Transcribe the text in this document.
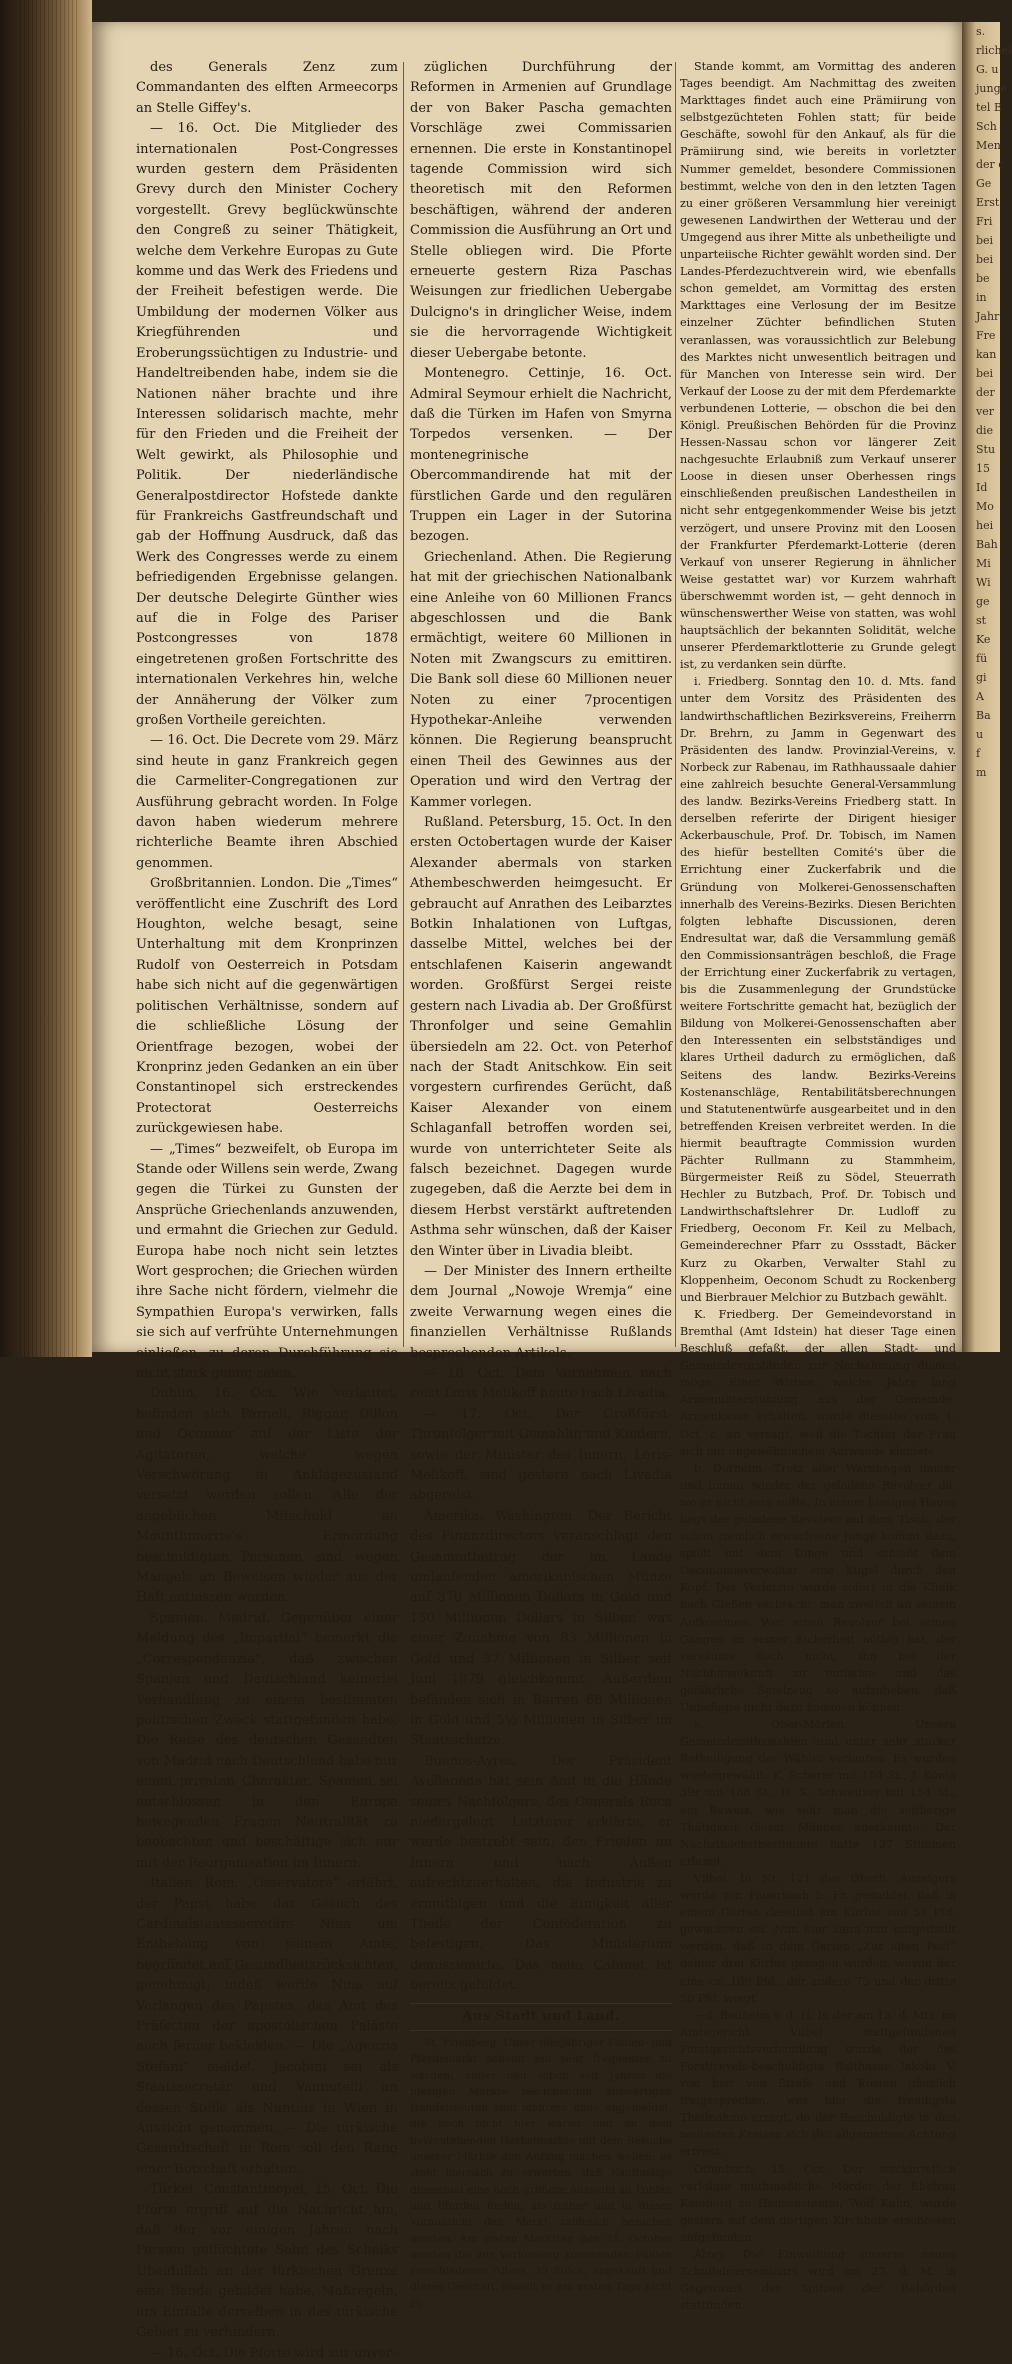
des Generals Zenz zum Commandanten des elften Armeecorps an Stelle Giffey's.

— 16. Oct. Die Mitglieder des internationalen Post-Congresses wurden gestern dem Präsidenten Grevy durch den Minister Cochery vorgestellt. Grevy beglückwünschte den Congreß zu seiner Thätigkeit, welche dem Verkehre Europas zu Gute komme und das Werk des Friedens und der Freiheit befestigen werde. Die Umbildung der modernen Völker aus Kriegführenden und Eroberungssüchtigen zu Industrie- und Handeltreibenden habe, indem sie die Nationen näher brachte und ihre Interessen solidarisch machte, mehr für den Frieden und die Freiheit der Welt gewirkt, als Philosophie und Politik. Der niederländische Generalpostdirector Hofstede dankte für Frankreichs Gastfreundschaft und gab der Hoffnung Ausdruck, daß das Werk des Congresses werde zu einem befriedigenden Ergebnisse gelangen. Der deutsche Delegirte Günther wies auf die in Folge des Pariser Postcongresses von 1878 eingetretenen großen Fortschritte des internationalen Verkehres hin, welche der Annäherung der Völker zum großen Vortheile gereichten.

— 16. Oct. Die Decrete vom 29. März sind heute in ganz Frankreich gegen die Carmeliter-Congregationen zur Ausführung gebracht worden. In Folge davon haben wiederum mehrere richterliche Beamte ihren Abschied genommen.

Großbritannien. London. Die „Times“ veröffentlicht eine Zuschrift des Lord Houghton, welche besagt, seine Unterhaltung mit dem Kronprinzen Rudolf von Oesterreich in Potsdam habe sich nicht auf die gegenwärtigen politischen Verhältnisse, sondern auf die schließliche Lösung der Orientfrage bezogen, wobei der Kronprinz jeden Gedanken an ein über Constantinopel sich erstreckendes Protectorat Oesterreichs zurückgewiesen habe.

— „Times“ bezweifelt, ob Europa im Stande oder Willens sein werde, Zwang gegen die Türkei zu Gunsten der Ansprüche Griechenlands anzuwenden, und ermahnt die Griechen zur Geduld. Europa habe noch nicht sein letztes Wort gesprochen; die Griechen würden ihre Sache nicht fördern, vielmehr die Sympathien Europa's verwirken, falls sie sich auf verfrühte Unternehmungen einließen, zu deren Durchführung sie nicht stark genug seien.

Dublin, 16. Oct. Wie verlautet, befinden sich Parnell, Biggar, Dillon und Oconnor auf der Liste der Agitatoren, welche wegen Verschwörung in Anklagezustand versetzt werden sollen. Alle der angeblichen Mitschuld an Mounthmorrie's Ermordung beschuldigten Personen sind wegen Mangels an Beweisen wieder aus der Haft entlassen worden.

Spanien. Madrid. Gegenüber einer Meldung des „Impartial“ bemerkt die „Correspondenzia“, daß zwischen Spanien und Deutschland keinerlei Verhandlung zu einem bestimmten politischen Zweck stattgefunden habe. Die Reise des deutschen Gesandten von Madrid nach Deutschland habe nur einen privaten Charakter. Spanien sei entschlossen in den Europa bewegenden Fragen Neutralität zu beobachten und beschäftige sich nur mit der Reorganisation im Innern.

Italien. Rom. „Osservatore“ erfährt, der Papst habe das Gesuch des Cardinalstaatssecretärs Nina um Enthebung von seinem Amte, begründet auf Gesundheitsrücksichten, genehmigt; indeß werde Nina auf Verlangen des Papstes, das Amt des Präfecten der apostolischen Paläste auch ferner bekleiden. — Die „Agenzia Stefani“ meldet, Jacobini sei als Staatssecretär und Vannutelli an dessen Stelle als Nuntius in Wien in Aussicht genommen. — Die türkische Gesandtschaft in Rom soll den Rang einer Botschaft erhalten.

Türkei. Constantinopel, 15. Oct. Die Pforte ergriff auf die Nachricht hin, daß der vor einigen Jahren nach Persien geflüchtete Sohn des Scheiks Ubeidullah an der türkischen Grenze eine Bande gebildet habe, Maßregeln, um Einfälle derselben in das türkische Gebiet zu verhindern.

— 16. Oct. Die Pforte wird zur unver-

züglichen Durchführung der Reformen in Armenien auf Grundlage der von Baker Pascha gemachten Vorschläge zwei Commissarien ernennen. Die erste in Konstantinopel tagende Commission wird sich theoretisch mit den Reformen beschäftigen, während der anderen Commission die Ausführung an Ort und Stelle obliegen wird. Die Pforte erneuerte gestern Riza Paschas Weisungen zur friedlichen Uebergabe Dulcigno's in dringlicher Weise, indem sie die hervorragende Wichtigkeit dieser Uebergabe betonte.

Montenegro. Cettinje, 16. Oct. Admiral Seymour erhielt die Nachricht, daß die Türken im Hafen von Smyrna Torpedos versenken. — Der montenegrinische Obercommandirende hat mit der fürstlichen Garde und den regulären Truppen ein Lager in der Sutorina bezogen.

Griechenland. Athen. Die Regierung hat mit der griechischen Nationalbank eine Anleihe von 60 Millionen Francs abgeschlossen und die Bank ermächtigt, weitere 60 Millionen in Noten mit Zwangscurs zu emittiren. Die Bank soll diese 60 Millionen neuer Noten zu einer 7procentigen Hypothekar-Anleihe verwenden können. Die Regierung beansprucht einen Theil des Gewinnes aus der Operation und wird den Vertrag der Kammer vorlegen.

Rußland. Petersburg, 15. Oct. In den ersten Octobertagen wurde der Kaiser Alexander abermals von starken Athembeschwerden heimgesucht. Er gebraucht auf Anrathen des Leibarztes Botkin Inhalationen von Luftgas, dasselbe Mittel, welches bei der entschlafenen Kaiserin angewandt worden. Großfürst Sergei reiste gestern nach Livadia ab. Der Großfürst Thronfolger und seine Gemahlin übersiedeln am 22. Oct. von Peterhof nach der Stadt Anitschkow. Ein seit vorgestern curfirendes Gerücht, daß Kaiser Alexander von einem Schlaganfall betroffen worden sei, wurde von unterrichteter Seite als falsch bezeichnet. Dagegen wurde zugegeben, daß die Aerzte bei dem in diesem Herbst verstärkt auftretenden Asthma sehr wünschen, daß der Kaiser den Winter über in Livadia bleibt.

— Der Minister des Innern ertheilte dem Journal „Nowoje Wremja“ eine zweite Verwarnung wegen eines die finanziellen Verhältnisse Rußlands besprechenden Artikels.

— 16. Oct. Dem Vernehmen nach reist Loris Melikoff heute nach Livadia.

— 17. Oct. Der Großfürst-Thronfolger mit Gemahlin und Kindern, sowie der Minister des Innern, Loris-Melikoff, sind gestern nach Livadia abgereist.

Amerika. Washington. Der Bericht des Finanzdirectors veranschlagt den Gesammtbetrag der im Lande umlaufenden amerikanischen Münze auf 370 Millionen Dollars in Gold und 150 Millionen Dollars in Silber, was einer Zunahme von 83 Millionen in Gold und 37 Millionen in Silber seit Juni 1879 gleichkommt. Außerdem befänden sich in Barren 68 Millionen in Gold und 5½ Millionen in Silber im Staatsschatze.

Buenos-Ayres. Der Präsident Avellaneda hat sein Amt in die Hände seines Nachfolgers, des Generals Roca niedergelegt. Letzterer erklärte, er werde bestrebt sein, den Frieden im Innern und nach Außen aufrechtzuerhalten, die Industrie zu ermuthigen und die Einigkeit aller Theile der Conföderation zu befestigen. Das Ministerium demissionirte. Das neue Cabinet ist bereits gebildet.

Aus Stadt und Land.

St. Friedberg. Unser diesjähriger Fohlen- und Pferdemarkt scheint ein sehr frequenter zu werden; außer den schon seit Jahren die hiesigen Märkte besuchenden auswärtigen Handelsleuten sind mehrere neue angemeldet, die noch nicht hier waren und an dem bevorstehenden Herbstmarkte mit dem Besuche unserer Märkte den Anfang machen wollen; es steht hiernach zu erwarten, daß Kauflustige diesesmal eine noch größere Auswahl an Fohlen und Pferden finden, als früher und in dieser Voraussicht den Markt zahlreich besuchen werden. Am ersten Markttag den 25. October werden die zur Verloosung kommenden Fohlen verschiedenen Alters, 30 Stück, angekauft und dieses Geschäft, soweit es am ersten Tage nicht zu

Stande kommt, am Vormittag des anderen Tages beendigt. Am Nachmittag des zweiten Markttages findet auch eine Prämiirung von selbstgezüchteten Fohlen statt; für beide Geschäfte, sowohl für den Ankauf, als für die Prämiirung sind, wie bereits in vorletzter Nummer gemeldet, besondere Commissionen bestimmt, welche von den in den letzten Tagen zu einer größeren Versammlung hier vereinigt gewesenen Landwirthen der Wetterau und der Umgegend aus ihrer Mitte als unbetheiligte und unparteiische Richter gewählt worden sind. Der Landes-Pferdezuchtverein wird, wie ebenfalls schon gemeldet, am Vormittag des ersten Markttages eine Verlosung der im Besitze einzelner Züchter befindlichen Stuten veranlassen, was voraussichtlich zur Belebung des Marktes nicht unwesentlich beitragen und für Manchen von Interesse sein wird. Der Verkauf der Loose zu der mit dem Pferdemarkte verbundenen Lotterie, — obschon die bei den Königl. Preußischen Behörden für die Provinz Hessen-Nassau schon vor längerer Zeit nachgesuchte Erlaubniß zum Verkauf unserer Loose in diesen unser Oberhessen rings einschließenden preußischen Landestheilen in nicht sehr entgegenkommender Weise bis jetzt verzögert, und unsere Provinz mit den Loosen der Frankfurter Pferdemarkt-Lotterie (deren Verkauf von unserer Regierung in ähnlicher Weise gestattet war) vor Kurzem wahrhaft überschwemmt worden ist, — geht dennoch in wünschenswerther Weise von statten, was wohl hauptsächlich der bekannten Solidität, welche unserer Pferdemarktlotterie zu Grunde gelegt ist, zu verdanken sein dürfte.

i. Friedberg. Sonntag den 10. d. Mts. fand unter dem Vorsitz des Präsidenten des landwirthschaftlichen Bezirksvereins, Freiherrn Dr. Brehrn, zu Jamm in Gegenwart des Präsidenten des landw. Provinzial-Vereins, v. Norbeck zur Rabenau, im Rathhaussaale dahier eine zahlreich besuchte General-Versammlung des landw. Bezirks-Vereins Friedberg statt. In derselben referirte der Dirigent hiesiger Ackerbauschule, Prof. Dr. Tobisch, im Namen des hiefür bestellten Comité's über die Errichtung einer Zuckerfabrik und die Gründung von Molkerei-Genossenschaften innerhalb des Vereins-Bezirks. Diesen Berichten folgten lebhafte Discussionen, deren Endresultat war, daß die Versammlung gemäß den Commissionsanträgen beschloß, die Frage der Errichtung einer Zuckerfabrik zu vertagen, bis die Zusammenlegung der Grundstücke weitere Fortschritte gemacht hat, bezüglich der Bildung von Molkerei-Genossenschaften aber den Interessenten ein selbstständiges und klares Urtheil dadurch zu ermöglichen, daß Seitens des landw. Bezirks-Vereins Kostenanschläge, Rentabilitätsberechnungen und Statutenentwürfe ausgearbeitet und in den betreffenden Kreisen verbreitet werden. In die hiermit beauftragte Commission wurden Pächter Rullmann zu Stammheim, Bürgermeister Reiß zu Södel, Steuerrath Hechler zu Butzbach, Prof. Dr. Tobisch und Landwirthschaftslehrer Dr. Ludloff zu Friedberg, Oeconom Fr. Keil zu Melbach, Gemeinderechner Pfarr zu Ossstadt, Bäcker Kurz zu Okarben, Verwalter Stahl zu Kloppenheim, Oeconom Schudt zu Rockenberg und Bierbrauer Melchior zu Butzbach gewählt.

K. Friedberg. Der Gemeindevorstand in Bremthal (Amt Idstein) hat dieser Tage einen Beschluß gefaßt, der allen Stadt- und Gemeindevorständen zur Nachahmung dienen möge. Einer Wittwe, welche Jahre lang Armenunterstützung aus der Gemeinde-Armenkasse erhalten, wurde dieselbe vom 1. Oct. c. an versagt, weil die Tochter der Frau sich mit ungewöhnlichem Aufwande kleidete.

b. Dorheim. Trotz aller Warnungen immer und immer wieder der geladene Revolver da, wo er nicht sein sollte. In einem hiesigen Hause liegt der geladene Revolver auf dem Tisch, der schon ziemlich erwachsene Junge kommt dazu, spielt mit dem Dinge und schießt dem Oeconomieverwalter eine Kugel durch den Kopf. Der Verletzte wurde sofort in die Klinik nach Gießen verbracht, man zweifelt an seinem Aufkommen. Wer einen Revolver bei seinen Gängen zu seiner Sicherheit nöthig hat, der versäume doch nicht, ihn bei der Nachhausekunft zu entladen und das gefährliche Spielzeug so aufzuheben, daß Unbefugte nicht dazu kommen können.

s. Ober-Mörlen. Unsere Gemeinderathswahlen sind unter sehr starker Betheiligung der Wähler verlaufen. Es wurden wiedergewählt: K. Scherer mit 184 St., J. König 39r mit 168 St., H. K. Schweitzer mit 154 St., ein Beweis, wie sehr man die seitherige Thätigkeit dieser Männer anerkannte. Der Nächsthöchstbestimmte hatte 137 Stimmen erlangt.

Vilbel. In Nr. 121 des Oberh. Anzeigers wurde von Fauerbach b. Fr. gemeldet, daß in einem Garten daselbst ein Kürbis von 51 Pfd. gewachsen sei. Nun hier kann nun mitgetheilt werden, daß in dem Garten „Zur alten Post“ dahier drei Kürbis gezogen wurden, wovon der eine ca. 100 Pfd., der andere 75 und der dritte 50 Pfd. wiegt.

—d. Rodheim v. d. H. In der am 13. d. Mts. im Amtsgericht Vilbel stattgefundenen Forstgerichtsverhandlung wurde der des Forstfrevels-beschuldigte Balthasar Jakobi V. von hier von Strafe und Kosten gänzlich freigesprochen, was hier die freudigste Theilnahme erregt, da der Beschuldigte in den weitesten Kreisen sich der allgemeinen Achtung erfreut.

Offenbach, 15. Oct. Der steckbrieflich verfolgte muthmaßliche Mörder der Ehefrau Kamberg zu Heusenstamm, Wolf Kahn, wurde gestern auf dem dortigen Kirchhofe erschossen aufgefunden.

Alzey. Die Einweihung unseres neuen Schullehrerseminars wird am 27. d. M. in Gegenwart der Spitzen der Behörden stattfinden.

s.
rlichel
G. u
junge
tel B
Sch
Men
der c
Ge
Erst
Fri
bei
bei
be
in
Jahr
Fre
kan
bei
der
ver
die
Stu
15
Id
Mo
hei
Bah
Mi
Wi
ge
st
Ke
fü
gi
A
Ba
u
f
m
